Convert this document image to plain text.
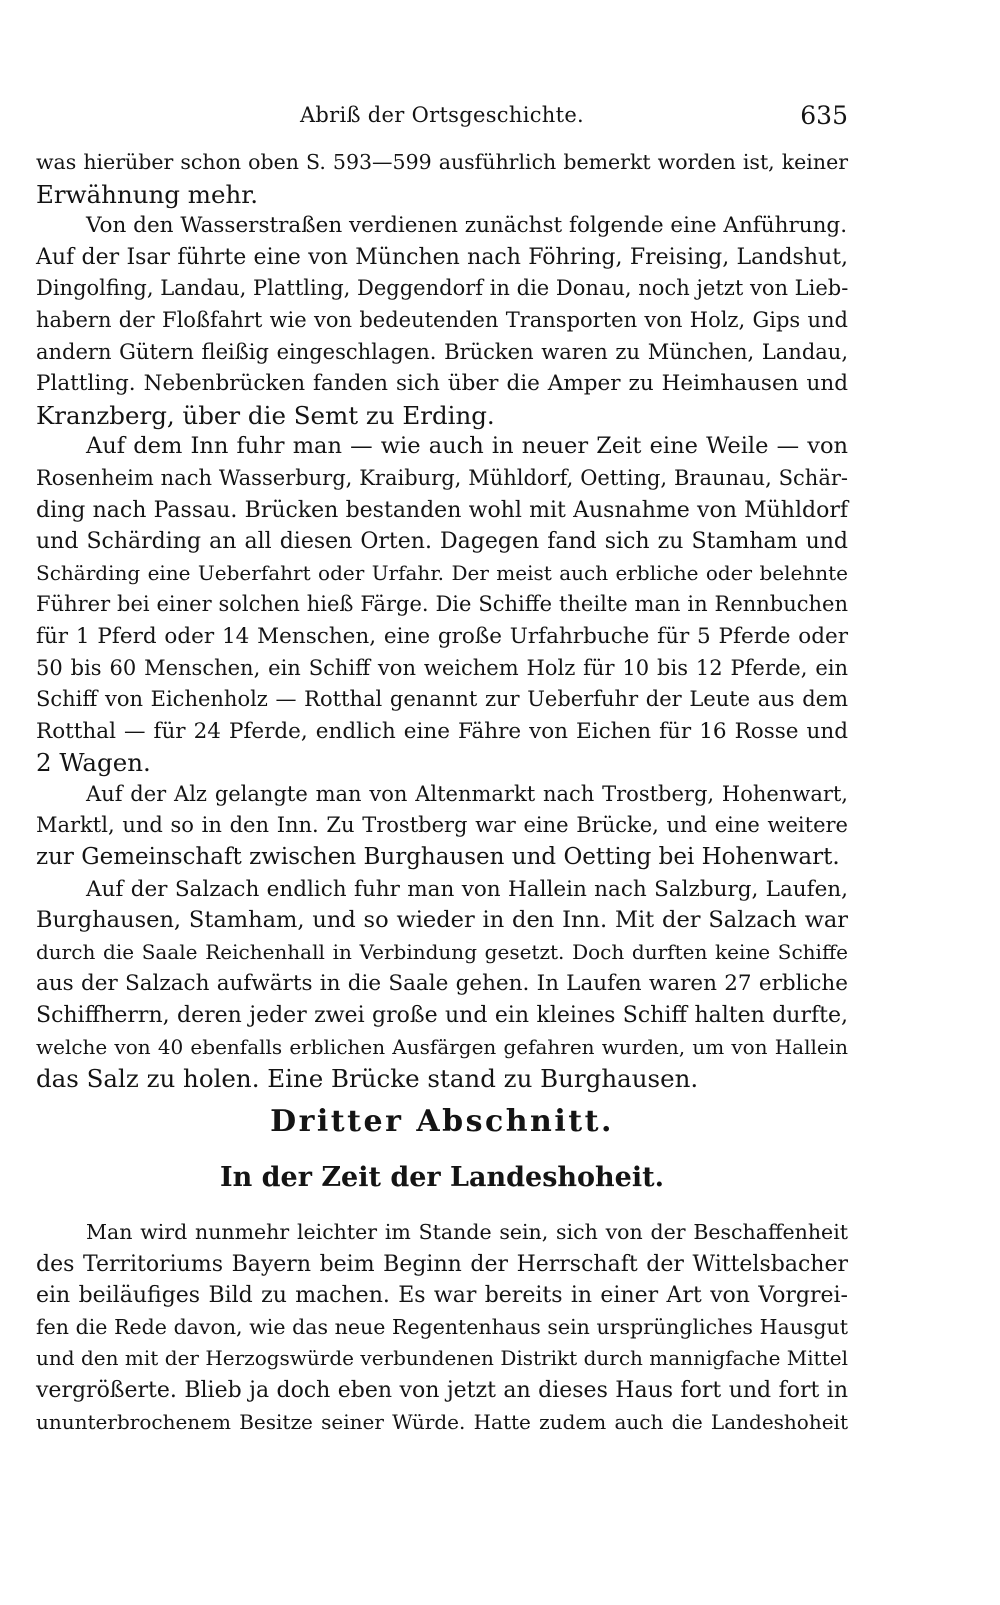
Abriß der Ortsgeschichte.	635
was hierüber schon oben S. 593—599 ausführlich bemerkt worden ist, keiner
Erwähnung mehr.
Von den Wasserstraßen verdienen zunächst folgende eine Anführung.
Auf der Isar führte eine von München nach Föhring, Freising, Landshut,
Dingolfing, Landau, Plattling, Deggendorf in die Donau, noch jetzt von Lieb-
habern der Floßfahrt wie von bedeutenden Transporten von Holz, Gips und
andern Gütern fleißig eingeschlagen. Brücken waren zu München, Landau,
Plattling. Nebenbrücken fanden sich über die Amper zu Heimhausen und
Kranzberg, über die Semt zu Erding.
Auf dem Inn fuhr man — wie auch in neuer Zeit eine Weile — von
Rosenheim nach Wasserburg, Kraiburg, Mühldorf, Oetting, Braunau, Schär-
ding nach Passau. Brücken bestanden wohl mit Ausnahme von Mühldorf
und Schärding an all diesen Orten. Dagegen fand sich zu Stamham und
Schärding eine Ueberfahrt oder Urfahr. Der meist auch erbliche oder belehnte
Führer bei einer solchen hieß Färge. Die Schiffe theilte man in Rennbuchen
für 1 Pferd oder 14 Menschen, eine große Urfahrbuche für 5 Pferde oder
50 bis 60 Menschen, ein Schiff von weichem Holz für 10 bis 12 Pferde, ein
Schiff von Eichenholz — Rotthal genannt zur Ueberfuhr der Leute aus dem
Rotthal — für 24 Pferde, endlich eine Fähre von Eichen für 16 Rosse und
2 Wagen.
Auf der Alz gelangte man von Altenmarkt nach Trostberg, Hohenwart,
Marktl, und so in den Inn. Zu Trostberg war eine Brücke, und eine weitere
zur Gemeinschaft zwischen Burghausen und Oetting bei Hohenwart.
Auf der Salzach endlich fuhr man von Hallein nach Salzburg, Laufen,
Burghausen, Stamham, und so wieder in den Inn. Mit der Salzach war
durch die Saale Reichenhall in Verbindung gesetzt. Doch durften keine Schiffe
aus der Salzach aufwärts in die Saale gehen. In Laufen waren 27 erbliche
Schiffherrn, deren jeder zwei große und ein kleines Schiff halten durfte,
welche von 40 ebenfalls erblichen Ausfärgen gefahren wurden, um von Hallein
das Salz zu holen. Eine Brücke stand zu Burghausen.
Dritter Abschnitt.
In der Zeit der Landeshoheit.
Man wird nunmehr leichter im Stande sein, sich von der Beschaffenheit
des Territoriums Bayern beim Beginn der Herrschaft der Wittelsbacher
ein beiläufiges Bild zu machen. Es war bereits in einer Art von Vorgrei-
fen die Rede davon, wie das neue Regentenhaus sein ursprüngliches Hausgut
und den mit der Herzogswürde verbundenen Distrikt durch mannigfache Mittel
vergrößerte. Blieb ja doch eben von jetzt an dieses Haus fort und fort in
ununterbrochenem Besitze seiner Würde. Hatte zudem auch die Landeshoheit
